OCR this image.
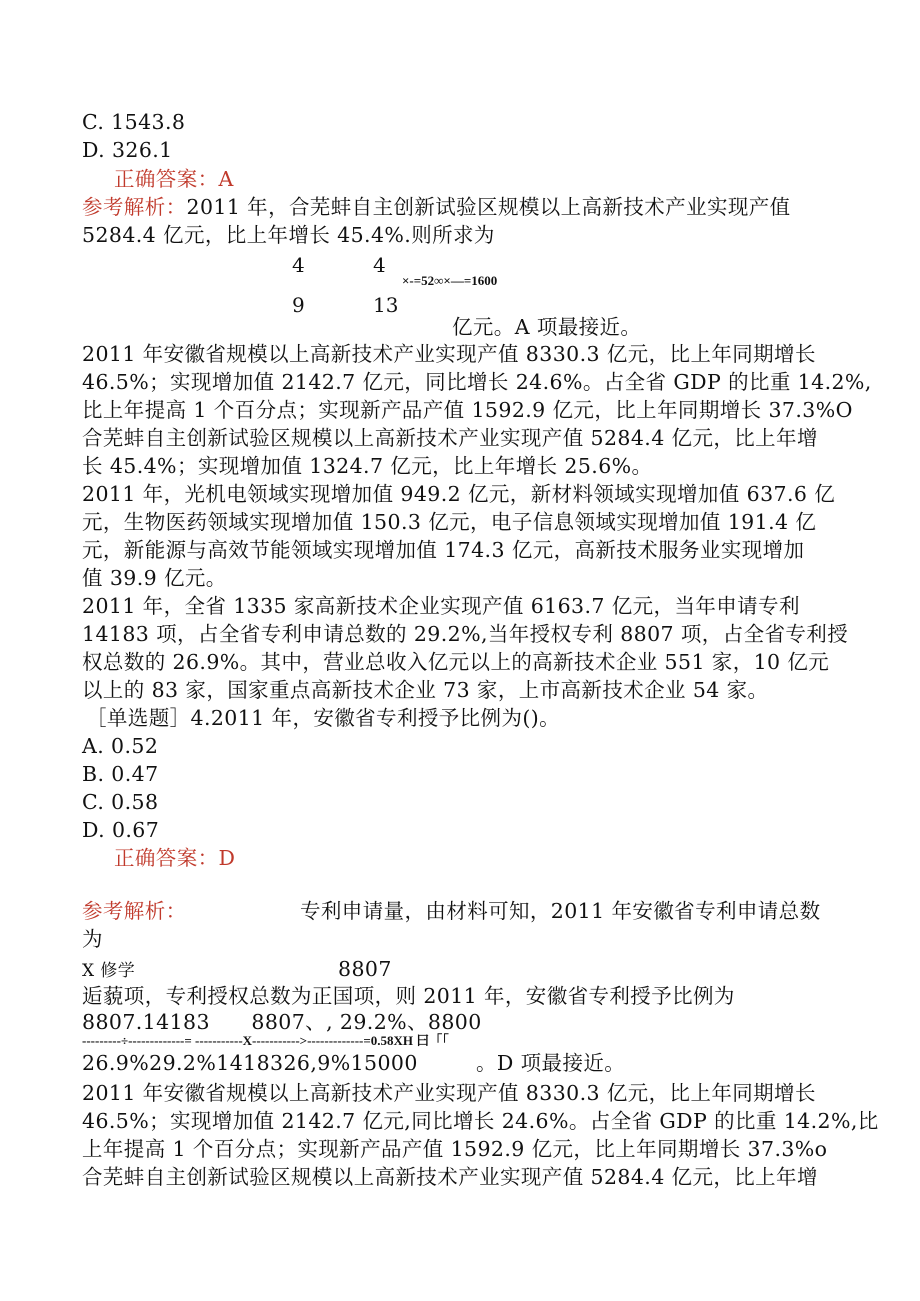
C. 1543.8
D. 326.1
正确答案：A
参考解析：2011 年，合芜蚌自主创新试验区规模以上高新技术产业实现产值
5284.4 亿元，比上年增长 45.4%.则所求为
4	4
×-=52∞×—=1600
9	13
亿元。A 项最接近。
2011 年安徽省规模以上高新技术产业实现产值 8330.3 亿元，比上年同期增长
46.5%；实现增加值 2142.7 亿元，同比增长 24.6%。占全省 GDP 的比重 14.2%,
比上年提高 1 个百分点；实现新产品产值 1592.9 亿元，比上年同期增长 37.3%O
合芜蚌自主创新试验区规模以上高新技术产业实现产值 5284.4 亿元，比上年增
长 45.4%；实现增加值 1324.7 亿元，比上年增长 25.6%。
2011 年，光机电领域实现增加值 949.2 亿元，新材料领域实现增加值 637.6 亿
元，生物医药领域实现增加值 150.3 亿元，电子信息领域实现增加值 191.4 亿
元，新能源与高效节能领域实现增加值 174.3 亿元，高新技术服务业实现增加
值 39.9 亿元。
2011 年，全省 1335 家高新技术企业实现产值 6163.7 亿元，当年申请专利
14183 项，占全省专利申请总数的 29.2%,当年授权专利 8807 项，占全省专利授
权总数的 26.9%。其中，营业总收入亿元以上的高新技术企业 551 家，10 亿元
以上的 83 家，国家重点高新技术企业 73 家，上市高新技术企业 54 家。
［单选题］4.2011 年，安徽省专利授予比例为()。
A. 0.52
B. 0.47
C. 0.58
D. 0.67
正确答案：D
参考解析：	专利申请量，由材料可知，2011 年安徽省专利申请总数
为
X 修学	8807
逅藐项，专利授权总数为正国项，则 2011 年，安徽省专利授予比例为
8807.14183      8807、, 29.2%、8800
---------÷-------------= -----------X----------->-------------=0.58XH 曰「「
26.9%29.2%1418326,9%15000	。D 项最接近。
2011 年安徽省规模以上高新技术产业实现产值 8330.3 亿元，比上年同期增长
46.5%；实现增加值 2142.7 亿元,同比增长 24.6%。占全省 GDP 的比重 14.2%,比
上年提高 1 个百分点；实现新产品产值 1592.9 亿元，比上年同期增长 37.3%o
合芜蚌自主创新试验区规模以上高新技术产业实现产值 5284.4 亿元，比上年增
